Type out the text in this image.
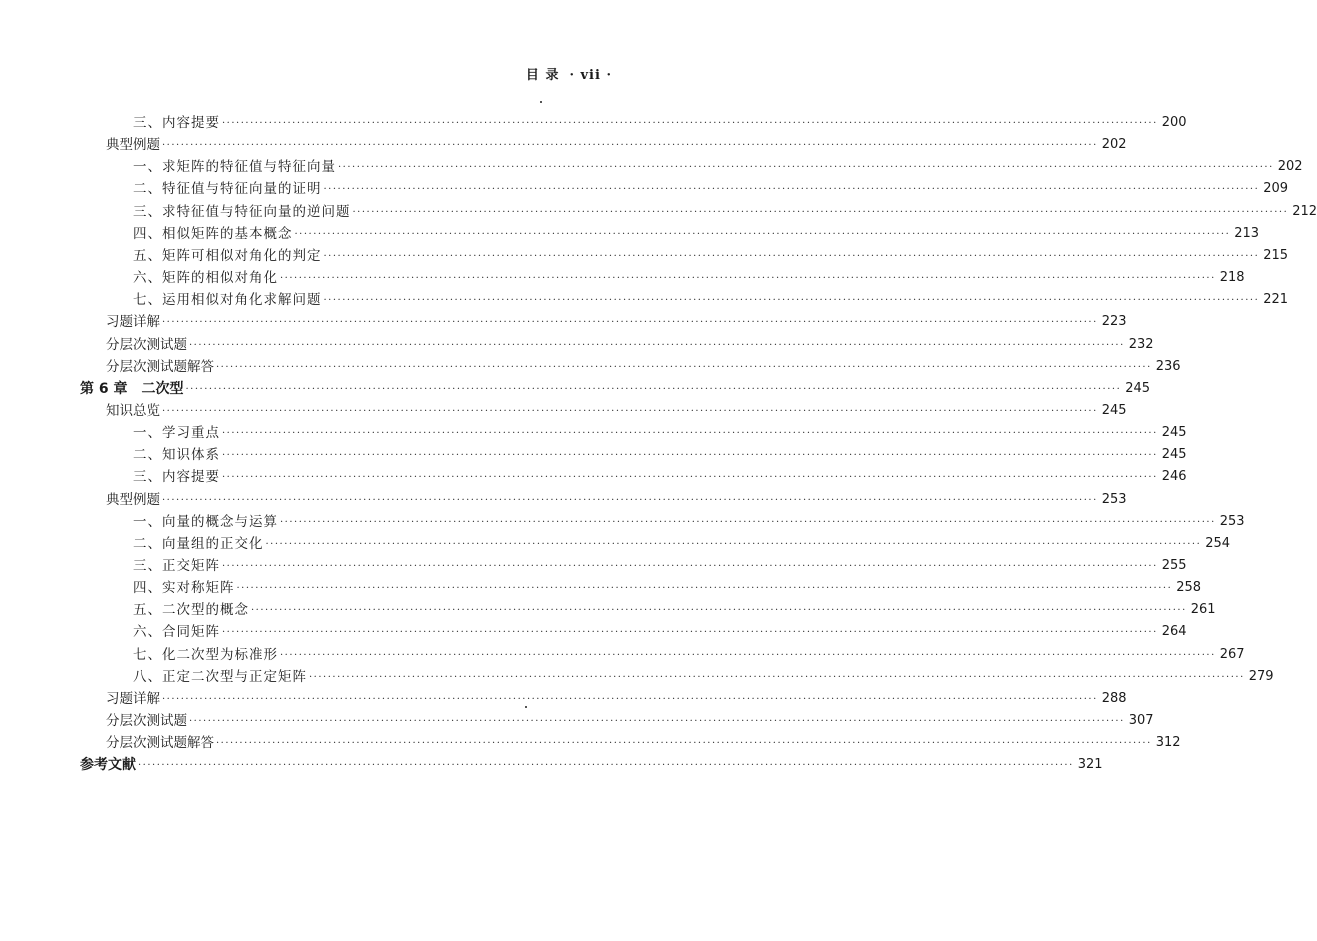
目 录 · vii ·
三、内容提要 ········································································································································································································ 200
典型例题 ········································································································································································································ 202
一、求矩阵的特征值与特征向量 ········································································································································································································ 202
二、特征值与特征向量的证明 ········································································································································································································ 209
三、求特征值与特征向量的逆问题 ········································································································································································································ 212
四、相似矩阵的基本概念 ········································································································································································································ 213
五、矩阵可相似对角化的判定 ········································································································································································································ 215
六、矩阵的相似对角化 ········································································································································································································ 218
七、运用相似对角化求解问题 ········································································································································································································ 221
习题详解 ········································································································································································································ 223
分层次测试题 ········································································································································································································ 232
分层次测试题解答 ········································································································································································································ 236
第 6 章　二次型 ········································································································································································································ 245
知识总览 ········································································································································································································ 245
一、学习重点 ········································································································································································································ 245
二、知识体系 ········································································································································································································ 245
三、内容提要 ········································································································································································································ 246
典型例题 ········································································································································································································ 253
一、向量的概念与运算 ········································································································································································································ 253
二、向量组的正交化 ········································································································································································································ 254
三、正交矩阵 ········································································································································································································ 255
四、实对称矩阵 ········································································································································································································ 258
五、二次型的概念 ········································································································································································································ 261
六、合同矩阵 ········································································································································································································ 264
七、化二次型为标准形 ········································································································································································································ 267
八、正定二次型与正定矩阵 ········································································································································································································ 279
习题详解 ········································································································································································································ 288
分层次测试题 ········································································································································································································ 307
分层次测试题解答 ········································································································································································································ 312
参考文献 ········································································································································································································ 321
